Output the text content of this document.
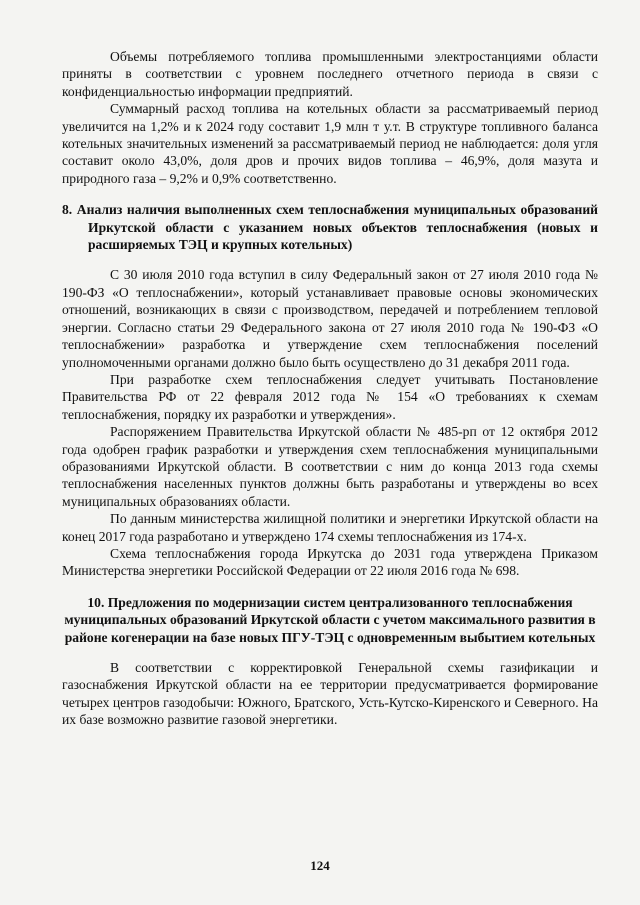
Объемы потребляемого топлива промышленными электростанциями области приняты в соответствии с уровнем последнего отчетного периода в связи с конфиденциальностью информации предприятий.

Суммарный расход топлива на котельных области за рассматриваемый период увеличится на 1,2% и к 2024 году составит 1,9 млн т у.т. В структуре топливного баланса котельных значительных изменений за рассматриваемый период не наблюдается: доля угля составит около 43,0%, доля дров и прочих видов топлива – 46,9%, доля мазута и природного газа – 9,2% и 0,9% соответственно.

8. Анализ наличия выполненных схем теплоснабжения муниципальных образований Иркутской области с указанием новых объектов теплоснабжения (новых и расширяемых ТЭЦ и крупных котельных)

С 30 июля 2010 года вступил в силу Федеральный закон от 27 июля 2010 года № 190-ФЗ «О теплоснабжении», который устанавливает правовые основы экономических отношений, возникающих в связи с производством, передачей и потреблением тепловой энергии. Согласно статьи 29 Федерального закона от 27 июля 2010 года № 190-ФЗ «О теплоснабжении» разработка и утверждение схем теплоснабжения поселений уполномоченными органами должно было быть осуществлено до 31 декабря 2011 года.

При разработке схем теплоснабжения следует учитывать Постановление Правительства РФ от 22 февраля 2012 года № 154 «О требованиях к схемам теплоснабжения, порядку их разработки и утверждения».

Распоряжением Правительства Иркутской области № 485-рп от 12 октября 2012 года одобрен график разработки и утверждения схем теплоснабжения муниципальными образованиями Иркутской области. В соответствии с ним до конца 2013 года схемы теплоснабжения населенных пунктов должны быть разработаны и утверждены во всех муниципальных образованиях области.

По данным министерства жилищной политики и энергетики Иркутской области на конец 2017 года разработано и утверждено 174 схемы теплоснабжения из 174-х.

Схема теплоснабжения города Иркутска до 2031 года утверждена Приказом Министерства энергетики Российской Федерации от 22 июля 2016 года № 698.

10. Предложения по модернизации систем централизованного теплоснабжения муниципальных образований Иркутской области с учетом максимального развития в районе когенерации на базе новых ПГУ-ТЭЦ с одновременным выбытием котельных

В соответствии с корректировкой Генеральной схемы газификации и газоснабжения Иркутской области на ее территории предусматривается формирование четырех центров газодобычи: Южного, Братского, Усть-Кутско-Киренского и Северного. На их базе возможно развитие газовой энергетики.

124
